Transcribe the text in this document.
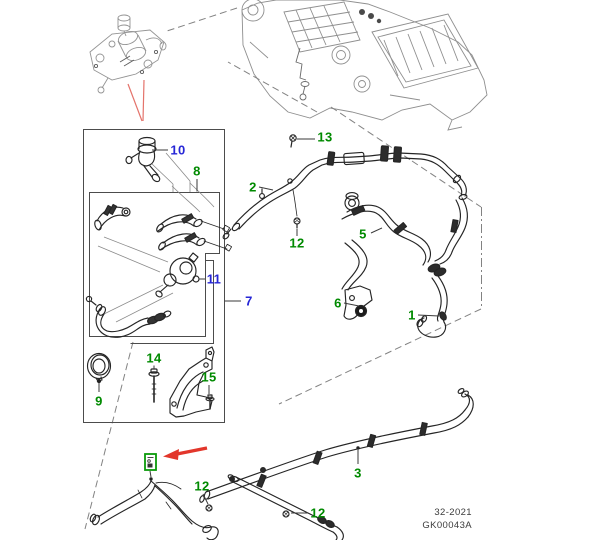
10
8
2
13
12
5
6
1
11
7
14
15
9
3
12
12	32-2021
GK00043A
